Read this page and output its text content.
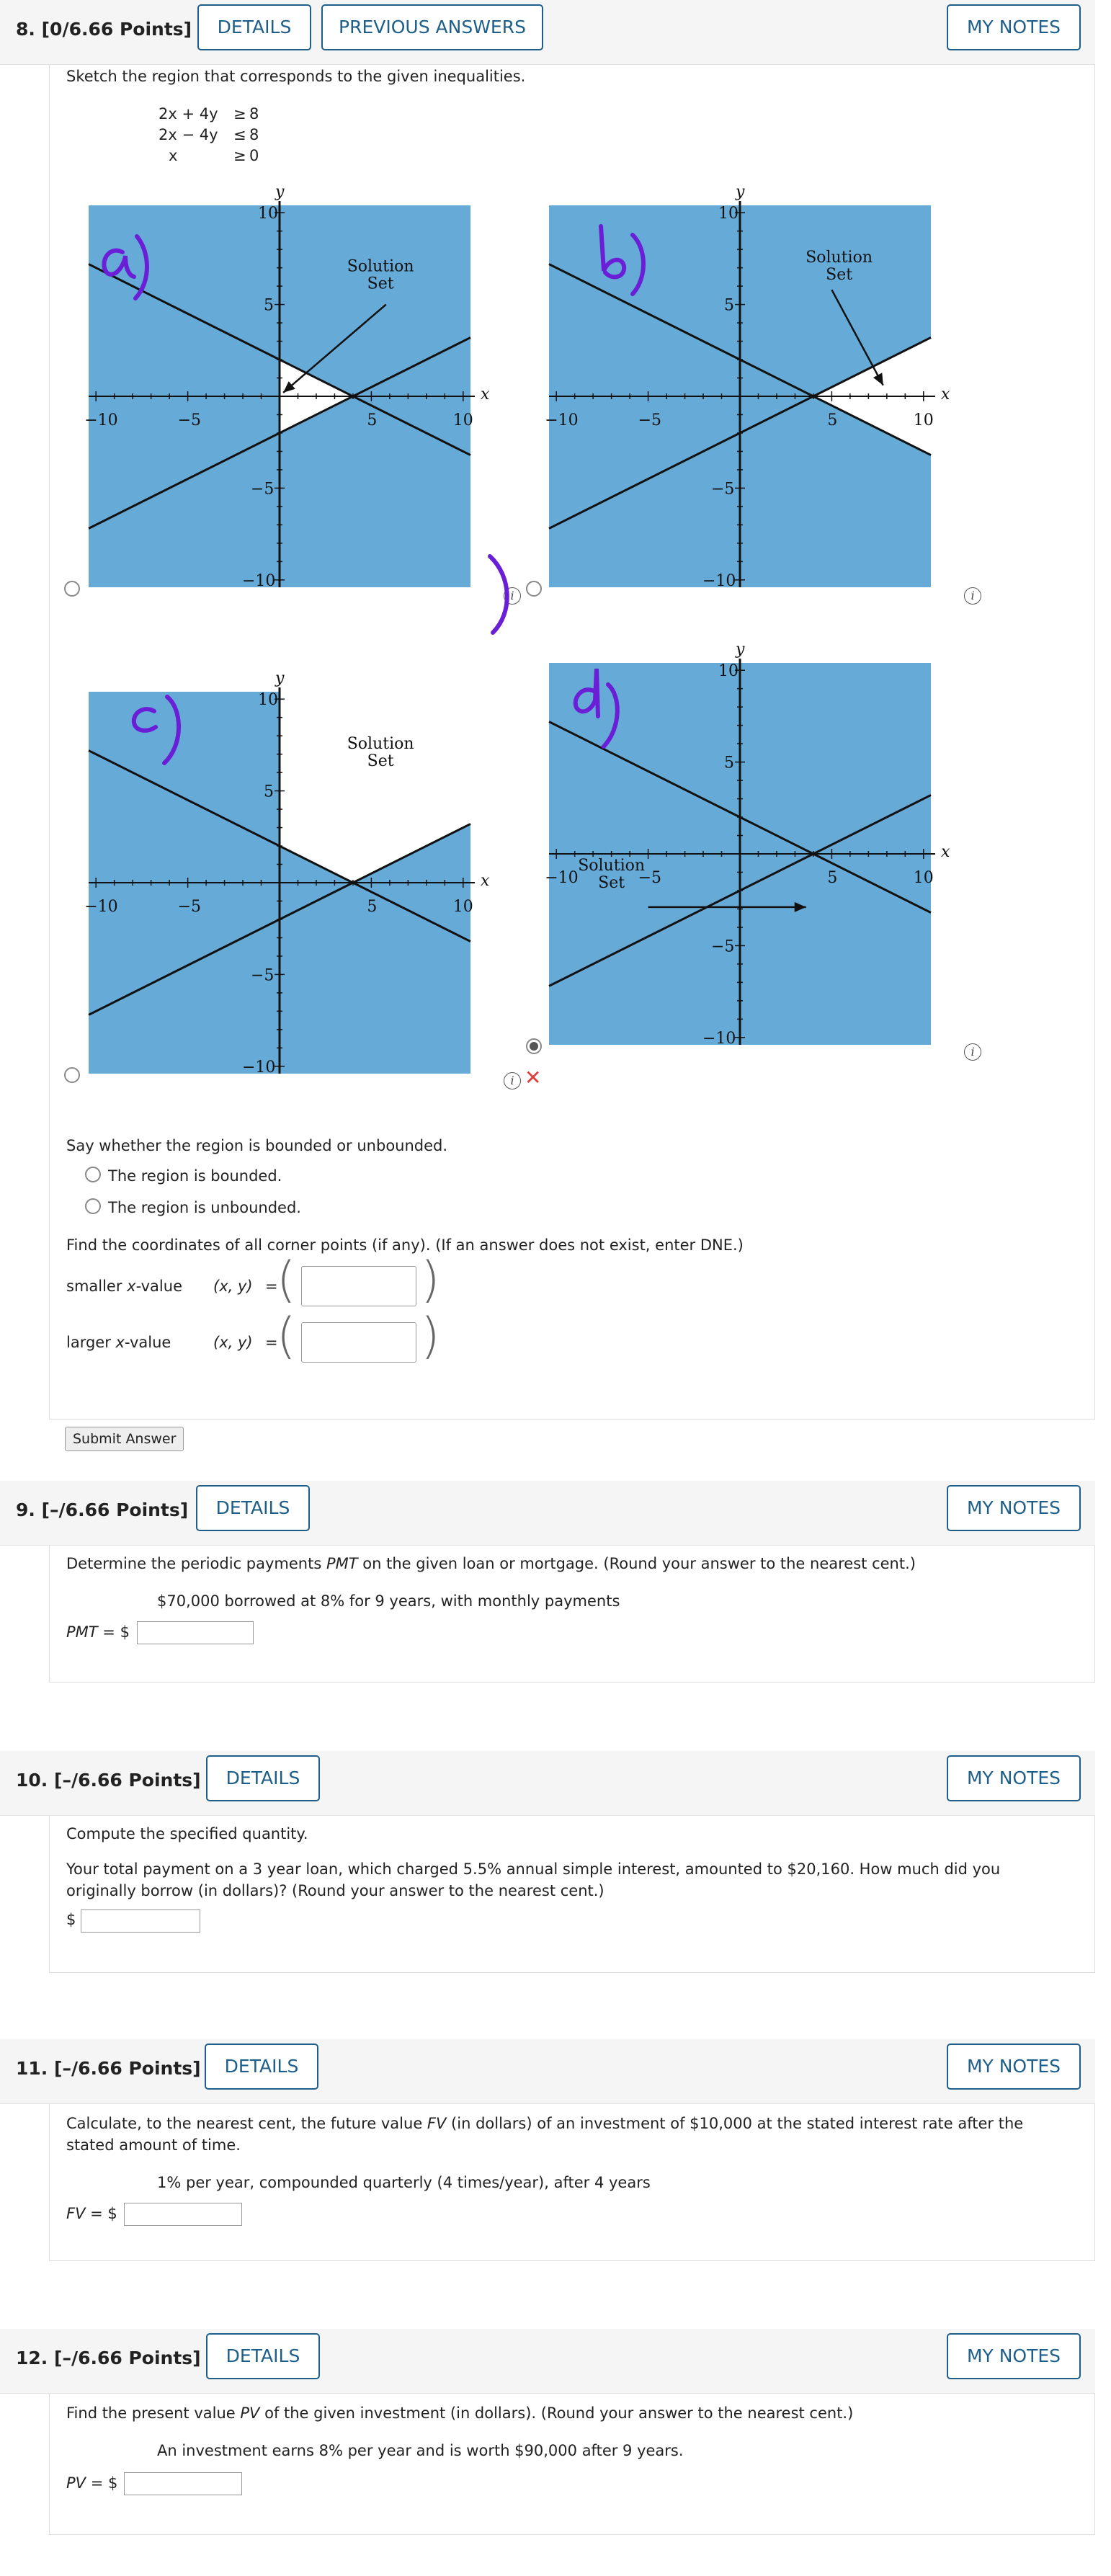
8. [0/6.66 Points]	DETAILS	PREVIOUS ANSWERS	MY NOTES
Sketch the region that corresponds to the given inequalities.
2x + 4y ≥ 8
2x − 4y ≤ 8
x	≥ 0
−10	−5	5	10
10
5
−5
−10
x
y
Solution
Set
−10	−5	5	10
10
5
−5
−10
x
y
Solution
Set
−10	−5	5	10
10
5
−5
−10
x
y
Solution
Set
−10	−5	5	10
10
5
−5
−10
x
y
Solution
Set
i	i
i
i
✕
Say whether the region is bounded or unbounded.
The region is bounded.
The region is unbounded.
Find the coordinates of all corner points (if any). (If an answer does not exist, enter DNE.)
smaller x-value (x, y) =
(	)
larger x-value	(x, y) =
(	)
Submit Answer
9. [–/6.66 Points]	DETAILS	MY NOTES
Determine the periodic payments PMT on the given loan or mortgage. (Round your answer to the nearest cent.)
$70,000 borrowed at 8% for 9 years, with monthly payments
PMT = $
10. [–/6.66 Points]	DETAILS	MY NOTES
Compute the specified quantity.
Your total payment on a 3 year loan, which charged 5.5% annual simple interest, amounted to $20,160. How much did you
originally borrow (in dollars)? (Round your answer to the nearest cent.)
$
11. [–/6.66 Points]	DETAILS	MY NOTES
Calculate, to the nearest cent, the future value FV (in dollars) of an investment of $10,000 at the stated interest rate after the
stated amount of time.
1% per year, compounded quarterly (4 times/year), after 4 years
FV = $
12. [–/6.66 Points]	DETAILS	MY NOTES
Find the present value PV of the given investment (in dollars). (Round your answer to the nearest cent.)
An investment earns 8% per year and is worth $90,000 after 9 years.
PV = $
